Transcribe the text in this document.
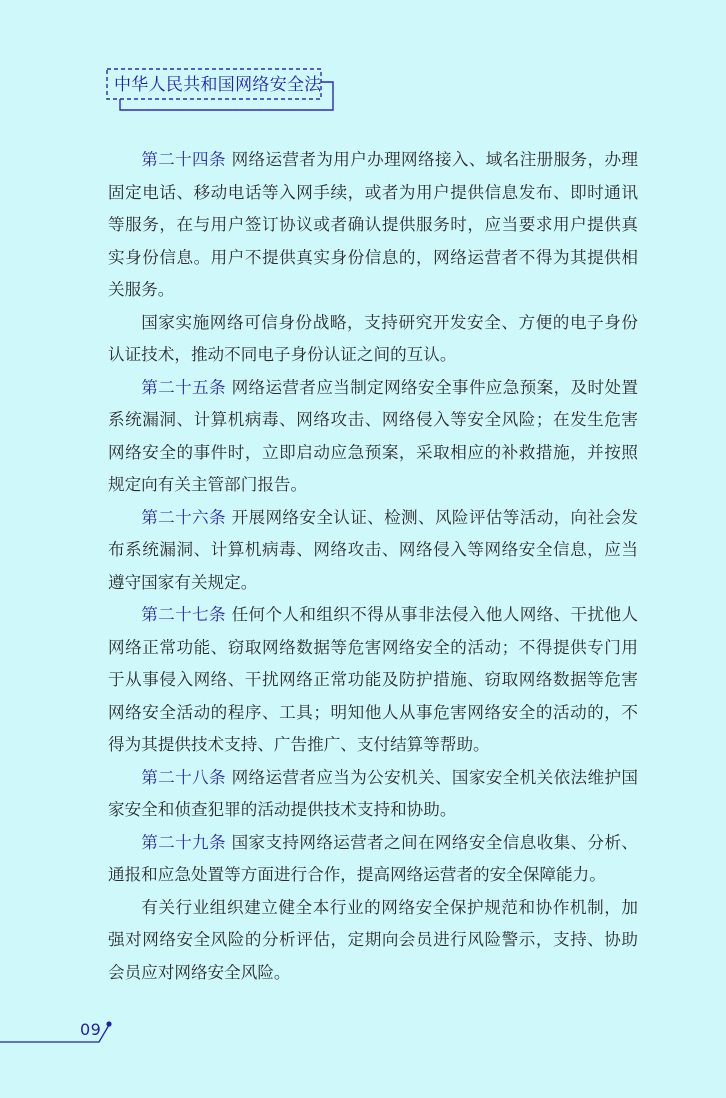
中华人民共和国网络安全法

第二十四条 网络运营者为用户办理网络接入、域名注册服务，办理固定电话、移动电话等入网手续，或者为用户提供信息发布、即时通讯等服务，在与用户签订协议或者确认提供服务时，应当要求用户提供真实身份信息。用户不提供真实身份信息的，网络运营者不得为其提供相关服务。

国家实施网络可信身份战略，支持研究开发安全、方便的电子身份认证技术，推动不同电子身份认证之间的互认。

第二十五条 网络运营者应当制定网络安全事件应急预案，及时处置系统漏洞、计算机病毒、网络攻击、网络侵入等安全风险；在发生危害网络安全的事件时，立即启动应急预案，采取相应的补救措施，并按照规定向有关主管部门报告。

第二十六条 开展网络安全认证、检测、风险评估等活动，向社会发布系统漏洞、计算机病毒、网络攻击、网络侵入等网络安全信息，应当遵守国家有关规定。

第二十七条 任何个人和组织不得从事非法侵入他人网络、干扰他人网络正常功能、窃取网络数据等危害网络安全的活动；不得提供专门用于从事侵入网络、干扰网络正常功能及防护措施、窃取网络数据等危害网络安全活动的程序、工具；明知他人从事危害网络安全的活动的，不得为其提供技术支持、广告推广、支付结算等帮助。

第二十八条 网络运营者应当为公安机关、国家安全机关依法维护国家安全和侦查犯罪的活动提供技术支持和协助。

第二十九条 国家支持网络运营者之间在网络安全信息收集、分析、通报和应急处置等方面进行合作，提高网络运营者的安全保障能力。

有关行业组织建立健全本行业的网络安全保护规范和协作机制，加强对网络安全风险的分析评估，定期向会员进行风险警示，支持、协助会员应对网络安全风险。

09
